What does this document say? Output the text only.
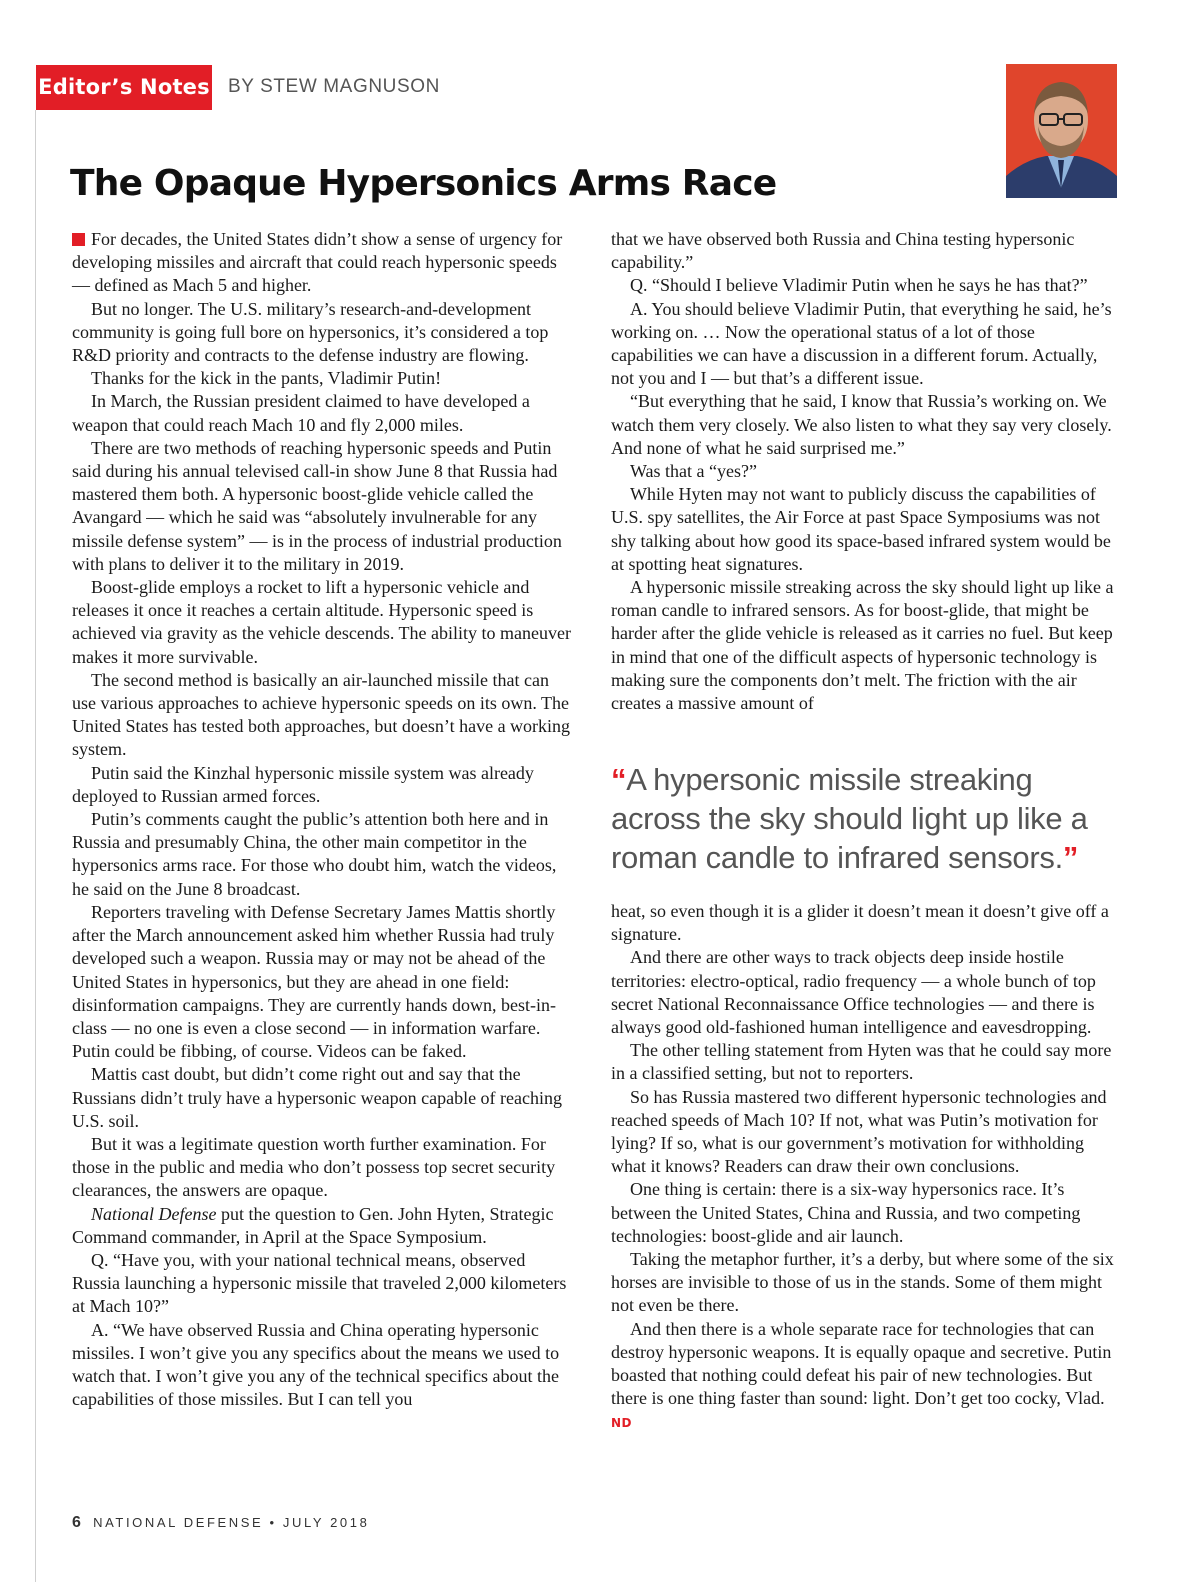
Editor’s Notes BY STEW MAGNUSON
The Opaque Hypersonics Arms Race

For decades, the United States didn’t show a sense of urgency for developing missiles and aircraft that could reach hypersonic speeds — defined as Mach 5 and higher.

But no longer. The U.S. military’s research-and-development community is going full bore on hypersonics, it’s considered a top R&D priority and contracts to the defense industry are flowing.

Thanks for the kick in the pants, Vladimir Putin!

In March, the Russian president claimed to have developed a weapon that could reach Mach 10 and fly 2,000 miles.

There are two methods of reaching hypersonic speeds and Putin said during his annual televised call-in show June 8 that Russia had mastered them both. A hypersonic boost-glide vehicle called the Avangard — which he said was “absolutely invulnerable for any missile defense system” — is in the process of industrial production with plans to deliver it to the military in 2019.

Boost-glide employs a rocket to lift a hypersonic vehicle and releases it once it reaches a certain altitude. Hypersonic speed is achieved via gravity as the vehicle descends. The ability to maneuver makes it more survivable.

The second method is basically an air-launched missile that can use various approaches to achieve hypersonic speeds on its own. The United States has tested both approaches, but doesn’t have a working system.

Putin said the Kinzhal hypersonic missile system was already deployed to Russian armed forces.

Putin’s comments caught the public’s attention both here and in Russia and presumably China, the other main competitor in the hypersonics arms race. For those who doubt him, watch the videos, he said on the June 8 broadcast.

Reporters traveling with Defense Secretary James Mattis shortly after the March announcement asked him whether Russia had truly developed such a weapon. Russia may or may not be ahead of the United States in hypersonics, but they are ahead in one field: disinformation campaigns. They are currently hands down, best-in-class — no one is even a close second — in information warfare. Putin could be fibbing, of course. Videos can be faked.

Mattis cast doubt, but didn’t come right out and say that the Russians didn’t truly have a hypersonic weapon capable of reaching U.S. soil.

But it was a legitimate question worth further examination. For those in the public and media who don’t possess top secret security clearances, the answers are opaque.

National Defense put the question to Gen. John Hyten, Strategic Command commander, in April at the Space Symposium.

Q. “Have you, with your national technical means, observed Russia launching a hypersonic missile that traveled 2,000 kilometers at Mach 10?”

A. “We have observed Russia and China operating hypersonic missiles. I won’t give you any specifics about the means we used to watch that. I won’t give you any of the technical specifics about the capabilities of those missiles. But I can tell you

that we have observed both Russia and China testing hypersonic capability.”

Q. “Should I believe Vladimir Putin when he says he has that?”

A. You should believe Vladimir Putin, that everything he said, he’s working on. … Now the operational status of a lot of those capabilities we can have a discussion in a different forum. Actually, not you and I — but that’s a different issue.

“But everything that he said, I know that Russia’s working on. We watch them very closely. We also listen to what they say very closely. And none of what he said surprised me.”

Was that a “yes?”

While Hyten may not want to publicly discuss the capabilities of U.S. spy satellites, the Air Force at past Space Symposiums was not shy talking about how good its space-based infrared system would be at spotting heat signatures.

A hypersonic missile streaking across the sky should light up like a roman candle to infrared sensors. As for boost-glide, that might be harder after the glide vehicle is released as it carries no fuel. But keep in mind that one of the difficult aspects of hypersonic technology is making sure the components don’t melt. The friction with the air creates a massive amount of

“A hypersonic missile streaking across the sky should light up like a roman candle to infrared sensors.”

heat, so even though it is a glider it doesn’t mean it doesn’t give off a signature.

And there are other ways to track objects deep inside hostile territories: electro-optical, radio frequency — a whole bunch of top secret National Reconnaissance Office technologies — and there is always good old-fashioned human intelligence and eavesdropping.

The other telling statement from Hyten was that he could say more in a classified setting, but not to reporters.

So has Russia mastered two different hypersonic technologies and reached speeds of Mach 10? If not, what was Putin’s motivation for lying? If so, what is our government’s motivation for withholding what it knows? Readers can draw their own conclusions.

One thing is certain: there is a six-way hypersonics race. It’s between the United States, China and Russia, and two competing technologies: boost-glide and air launch.

Taking the metaphor further, it’s a derby, but where some of the six horses are invisible to those of us in the stands. Some of them might not even be there.

And then there is a whole separate race for technologies that can destroy hypersonic weapons. It is equally opaque and secretive. Putin boasted that nothing could defeat his pair of new technologies. But there is one thing faster than sound: light. Don’t get too cocky, Vlad. ND

6 NATIONAL DEFENSE • JULY 2018
